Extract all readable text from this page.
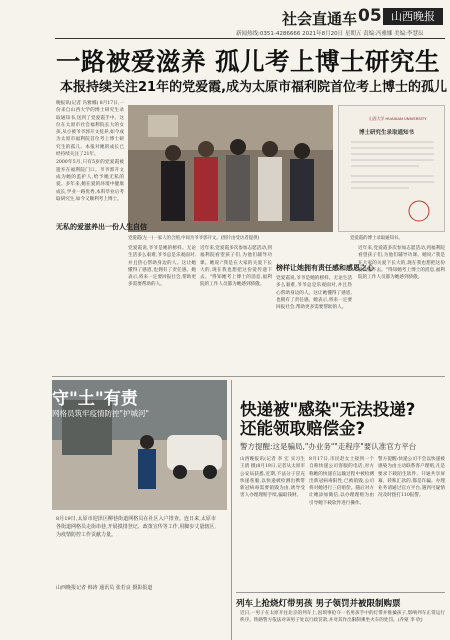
社会直通车 05 山西晚报
新闻热线:0351-4286666 2021年8月20日 星期五 责编:冯雅娜 美编:李慧辰
一路被爱滋养 孤儿考上博士研究生
本报持续关注21年的党爱霞,成为太原市福利院首位考上博士的孤儿
党爱霞(左一)一家人的合照,中间为爷爷郭开文。(图片由受访者提供)
山西大学 HUAXIAN UNIVERSITY
博士研究生录取通知书
党爱霞的博士录取通知书。

晚报讯(记者 冯雅娜) 8月17日,一份来自山西大学的博士研究生录取通知书,送到了党爱霞手中。这位在太原市社会福利院长大的女孩,从小被爷爷郭开文抚养,如今成为太原市福利院首位考上博士研究生的孤儿。本报对她的成长已经持续关注了21年。

2000年5月,只有5岁的党爱霞被遗弃在福利院门口。爷爷郭开文成为她的监护人,给予她无私的爱。多年来,她在爱的环境中健康成长,学业一路优秀,本科毕业后考取研究生,如今又顺利考上博士。

无私的爱滋养出一份人生自信

党爱霞说,爷爷是她的榜样。无论生活多么艰难,爷爷总是乐观面对,并且热心帮助身边的人。这让她懂得了感恩,也拥有了责任感。她表示,将来一定要回报社会,帮助更多需要帮助的人。

近年来,党爱霞多次参加志愿活动,到福利院看望孩子们,为他们辅导功课。她说:"我是在大家的关爱下长大的,现在我也想把这份爱传递下去。"得知她考上博士的消息,福利院的工作人员都为她感到骄傲。

榜样让她拥有责任感和感恩之心

党爱霞说,爷爷是她的榜样。无论生活多么艰难,爷爷总是乐观面对,并且热心帮助身边的人。这让她懂得了感恩,也拥有了责任感。她表示,将来一定要回报社会,帮助更多需要帮助的人。

近年来,党爱霞多次参加志愿活动,到福利院看望孩子们,为他们辅导功课。她说:"我是在大家的关爱下长大的,现在我也想把这份爱传递下去。"得知她考上博士的消息,福利院的工作人员都为她感到骄傲。

守"土"有责
网格员筑牢疫情防控"护城河"

8月19日,太原市迎泽区柳巷街道网格员在社区入户排查。连日来,太原市各街道网格员走街串巷,开展摸排登记、政策宣传等工作,用脚步丈量辖区,为疫情防控工作贡献力量。

山西晚报记者 韩涛 通讯员 张若良 摄影报道

快递被"感染"无法投递?
还能领取赔偿金?
警方提醒:这是骗局,"办业务""走程序"要认准官方平台

山西晚报讯(记者 李 宏 实习生 王倩 摄)8月19日,记者从太原市公安局获悉,近期,不法分子冒充快递客服,以快递被检测出携带新冠病毒需要销毁为由,诱导受害人办理理赔手续,骗取钱财。

8月17日,市民赵女士接到一个自称快递公司客服的电话,对方称她的快递在运输过程中被检测出新冠病毒阳性,已被销毁,公司将对她进行三倍赔偿。随后对方让她添加微信,以办理理赔为由引导她下载软件进行操作。

警方提醒:快递公司不会以快递被感染为由主动联系客户理赔,凡是要求下载陌生软件、开通共享屏幕、转账汇款的,都是诈骗。办理业务请通过官方平台,遇到可疑情况及时拨打110报警。

列车上抢烧灯带男孩 男子领罚并被限制购票

近日,一男子在太原开往北京的列车上,因琐事抢夺一名男孩手中的灯带并推搡孩子,影响列车正常运行秩序。铁路警方依法对该男子处以行政罚款,并对其作出限制乘坐火车的处罚。(乔蒙 李 欣)
